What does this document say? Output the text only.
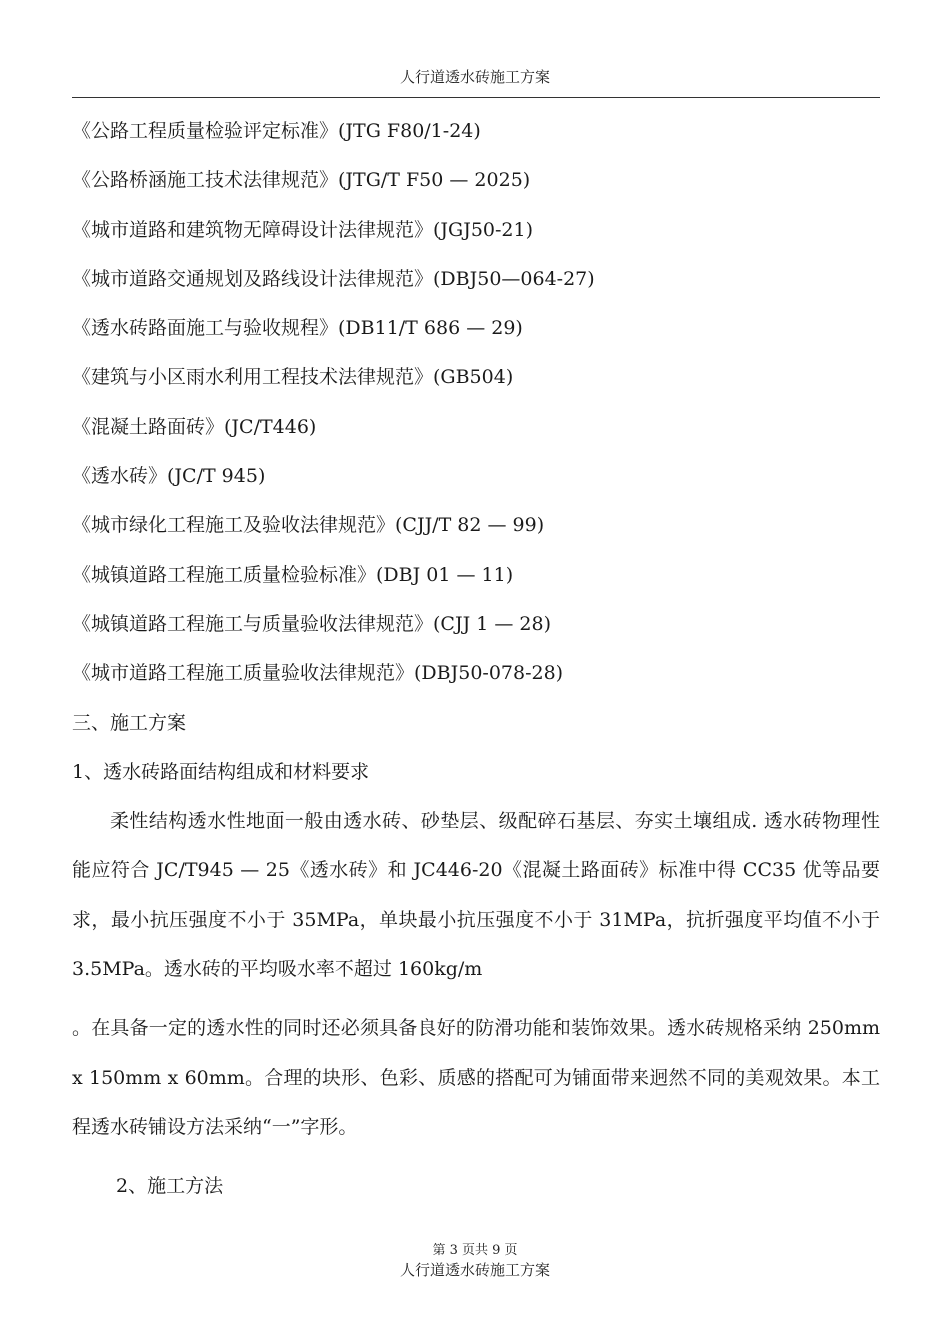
人行道透水砖施工方案
《公路工程质量检验评定标准》(JTG F80/1-24)
《公路桥涵施工技术法律规范》(JTG/T F50 — 2025)
《城市道路和建筑物无障碍设计法律规范》(JGJ50-21)
《城市道路交通规划及路线设计法律规范》(DBJ50—064-27)
《透水砖路面施工与验收规程》(DB11/T 686 — 29)
《建筑与小区雨水利用工程技术法律规范》(GB504)
《混凝土路面砖》(JC/T446)
《透水砖》(JC/T 945)
《城市绿化工程施工及验收法律规范》(CJJ/T 82 — 99)
《城镇道路工程施工质量检验标准》(DBJ 01 — 11)
《城镇道路工程施工与质量验收法律规范》(CJJ 1 — 28)
《城市道路工程施工质量验收法律规范》(DBJ50-078-28)
三、施工方案
1、透水砖路面结构组成和材料要求
柔性结构透水性地面一般由透水砖、砂垫层、级配碎石基层、夯实土壤组成. 透水砖物理性能应符合 JC/T945 — 25《透水砖》和 JC446-20《混凝土路面砖》标准中得 CC35 优等品要求，最小抗压强度不小于 35MPa，单块最小抗压强度不小于 31MPa，抗折强度平均值不小于 3.5MPa。透水砖的平均吸水率不超过 160kg/m
。在具备一定的透水性的同时还必须具备良好的防滑功能和装饰效果。透水砖规格采纳 250mm x 150mm x 60mm。合理的块形、色彩、质感的搭配可为铺面带来迥然不同的美观效果。本工程透水砖铺设方法采纳“一”字形。
2、施工方法
第 3 页共 9 页
人行道透水砖施工方案
